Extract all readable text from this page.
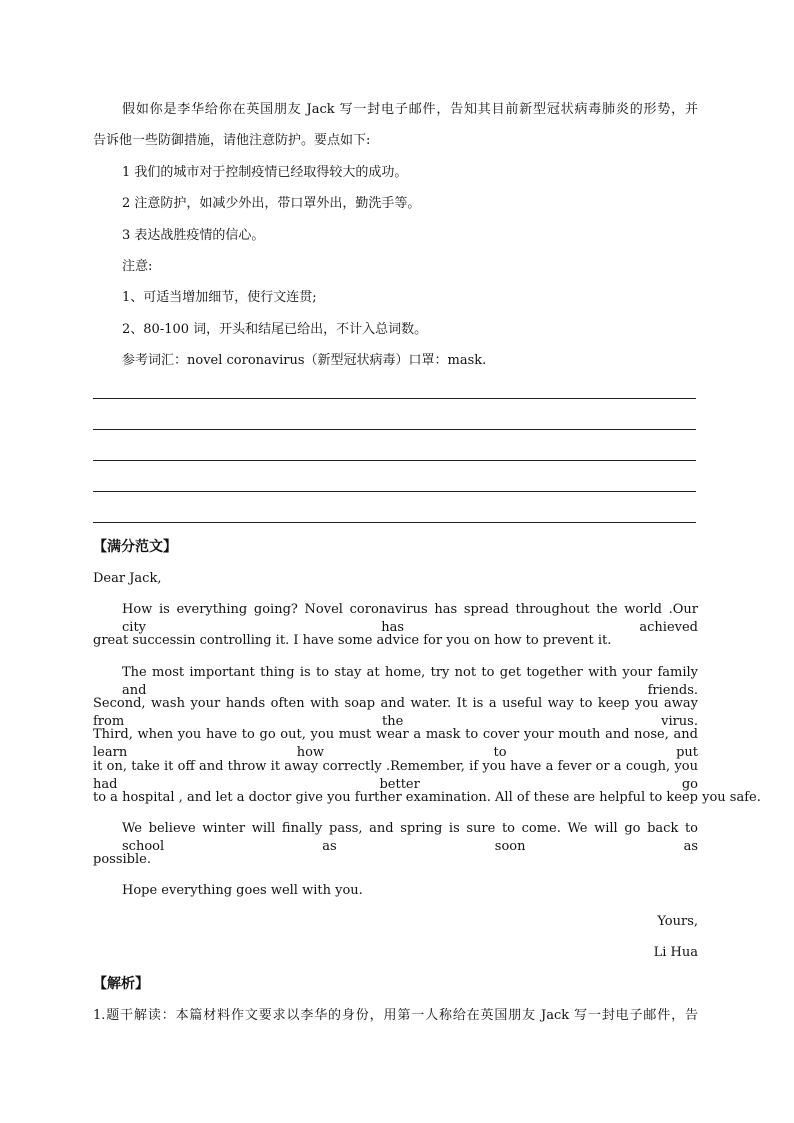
假如你是李华给你在英国朋友 Jack 写一封电子邮件，告知其目前新型冠状病毒肺炎的形势，并
告诉他一些防御措施，请他注意防护。要点如下:
1 我们的城市对于控制疫情已经取得较大的成功。
2 注意防护，如减少外出，带口罩外出，勤洗手等。
3 表达战胜疫情的信心。
注意:
1、可适当增加细节，使行文连贯;
2、80-100 词，开头和结尾已给出，不计入总词数。
参考词汇：novel coronavirus（新型冠状病毒）口罩：mask.
【满分范文】
Dear Jack,
How is everything going? Novel coronavirus has spread throughout the world .Our city has achieved
great successin controlling it. I have some advice for you on how to prevent it.
The most important thing is to stay at home, try not to get together with your family and friends.
Second, wash your hands often with soap and water. It is a useful way to keep you away from the virus.
Third, when you have to go out, you must wear a mask to cover your mouth and nose, and learn how to put
it on, take it off and throw it away correctly .Remember, if you have a fever or a cough, you had better go
to a hospital , and let a doctor give you further examination. All of these are helpful to keep you safe.
We believe winter will finally pass, and spring is sure to come. We will go back to school as soon as
possible.
Hope everything goes well with you.
Yours,
Li Hua
【解析】
1.题干解读：本篇材料作文要求以李华的身份，用第一人称给在英国朋友 Jack 写一封电子邮件，告
